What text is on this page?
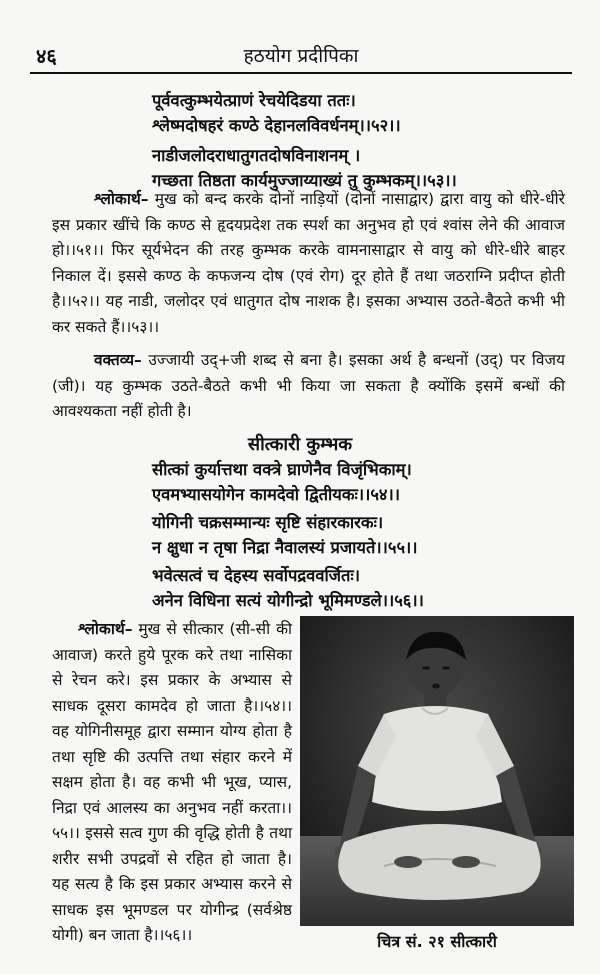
४६	हठयोग प्रदीपिका
पूर्ववत्कुम्भयेत्प्राणं रेचयेदिडया ततः।
श्लेष्मदोषहरं कण्ठे देहानलविवर्धनम्।।५२।।
नाडीजलोदराधातुगतदोषविनाशनम् ।
गच्छता तिष्ठता कार्यमुज्जाय्याख्यं तु कुम्भकम्।।५३।।
श्लोकार्थ– मुख को बन्द करके दोनों नाड़ियों (दोनों नासाद्वार) द्वारा वायु को धीरे-धीरे इस प्रकार खींचे कि कण्ठ से हृदयप्रदेश तक स्पर्श का अनुभव हो एवं श्वांस लेने की आवाज हो।।५१।। फिर सूर्यभेदन की तरह कुम्भक करके वामनासाद्वार से वायु को धीरे-धीरे बाहर निकाल दें। इससे कण्ठ के कफजन्य दोष (एवं रोग) दूर होते हैं तथा जठराग्नि प्रदीप्त होती है।।५२।। यह नाडी, जलोदर एवं धातुगत दोष नाशक है। इसका अभ्यास उठते-बैठते कभी भी कर सकते हैं।।५३।।
वक्तव्य– उज्जायी उद्+जी शब्द से बना है। इसका अर्थ है बन्धनों (उद्) पर विजय (जी)। यह कुम्भक उठते-बैठते कभी भी किया जा सकता है क्योंकि इसमें बन्धों की आवश्यकता नहीं होती है।
सीत्कारी कुम्भक
सीत्कां कुर्यात्तथा वक्त्रे घ्राणेनैव विजृंभिकाम्।
एवमभ्यासयोगेन कामदेवो द्वितीयकः।।५४।।
योगिनी चक्रसम्मान्यः सृष्टि संहारकारकः।
न क्षुधा न तृषा निद्रा नैवालस्यं प्रजायते।।५५।।
भवेत्सत्वं च देहस्य सर्वोपद्रववर्जितः।
अनेन विधिना सत्यं योगीन्द्रो भूमिमण्डले।।५६।।
श्लोकार्थ– मुख से सीत्कार (सी-सी की आवाज) करते हुये पूरक करे तथा नासिका से रेचन करे। इस प्रकार के अभ्यास से साधक दूसरा कामदेव हो जाता है।।५४।। वह योगिनीसमूह द्वारा सम्मान योग्य होता है तथा सृष्टि की उत्पत्ति तथा संहार करने में सक्षम होता है। वह कभी भी भूख, प्यास, निद्रा एवं आलस्य का अनुभव नहीं करता।।५५।। इससे सत्व गुण की वृद्धि होती है तथा शरीर सभी उपद्रवों से रहित हो जाता है। यह सत्य है कि इस प्रकार अभ्यास करने से साधक इस भूमण्डल पर योगीन्द्र (सर्वश्रेष्ठ योगी) बन जाता है।।५६।।	चित्र सं. २१ सीत्कारी
